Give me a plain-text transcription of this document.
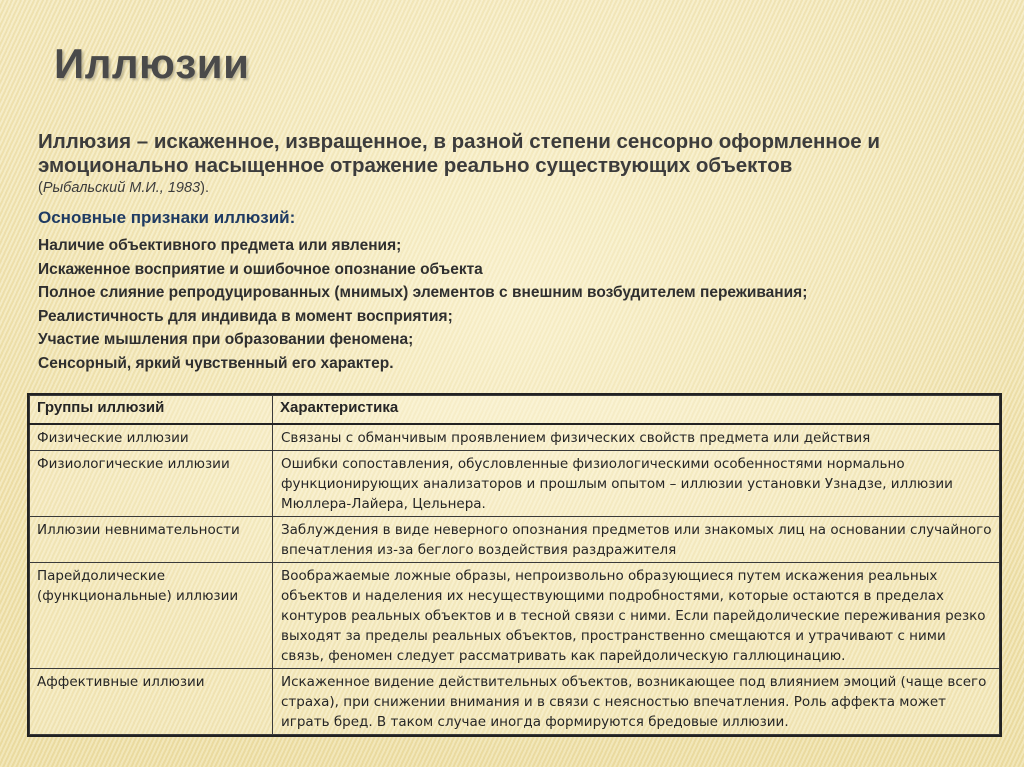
Иллюзии
Иллюзия – искаженное, извращенное, в разной степени сенсорно оформленное и
эмоционально насыщенное отражение реально существующих объектов
(Рыбальский М.И., 1983).
Основные признаки иллюзий:
Наличие объективного предмета или явления;
Искаженное восприятие и ошибочное опознание объекта
Полное слияние репродуцированных (мнимых) элементов с внешним возбудителем переживания;
Реалистичность для индивида в момент восприятия;
Участие мышления при образовании феномена;
Сенсорный, яркий чувственный его характер.
Группы иллюзий	Характеристика
Физические иллюзии	Связаны с обманчивым проявлением физических свойств предмета или действия
Физиологические иллюзии	Ошибки сопоставления, обусловленные физиологическими особенностями нормально функционирующих анализаторов и прошлым опытом – иллюзии установки Узнадзе, иллюзии Мюллера-Лайера, Цельнера.
Иллюзии невнимательности	Заблуждения в виде неверного опознания предметов или знакомых лиц на основании случайного впечатления из-за беглого воздействия раздражителя
Парейдолические (функциональные) иллюзии	Воображаемые ложные образы, непроизвольно образующиеся путем искажения реальных объектов и наделения их несуществующими подробностями, которые остаются в пределах контуров реальных объектов и в тесной связи с ними. Если парейдолические переживания резко выходят за пределы реальных объектов, пространственно смещаются и утрачивают с ними связь, феномен следует рассматривать как парейдолическую галлюцинацию.
Аффективные иллюзии	Искаженное видение действительных объектов, возникающее под влиянием эмоций (чаще всего страха), при снижении внимания и в связи с неясностью впечатления. Роль аффекта может играть бред. В таком случае иногда формируются бредовые иллюзии.
